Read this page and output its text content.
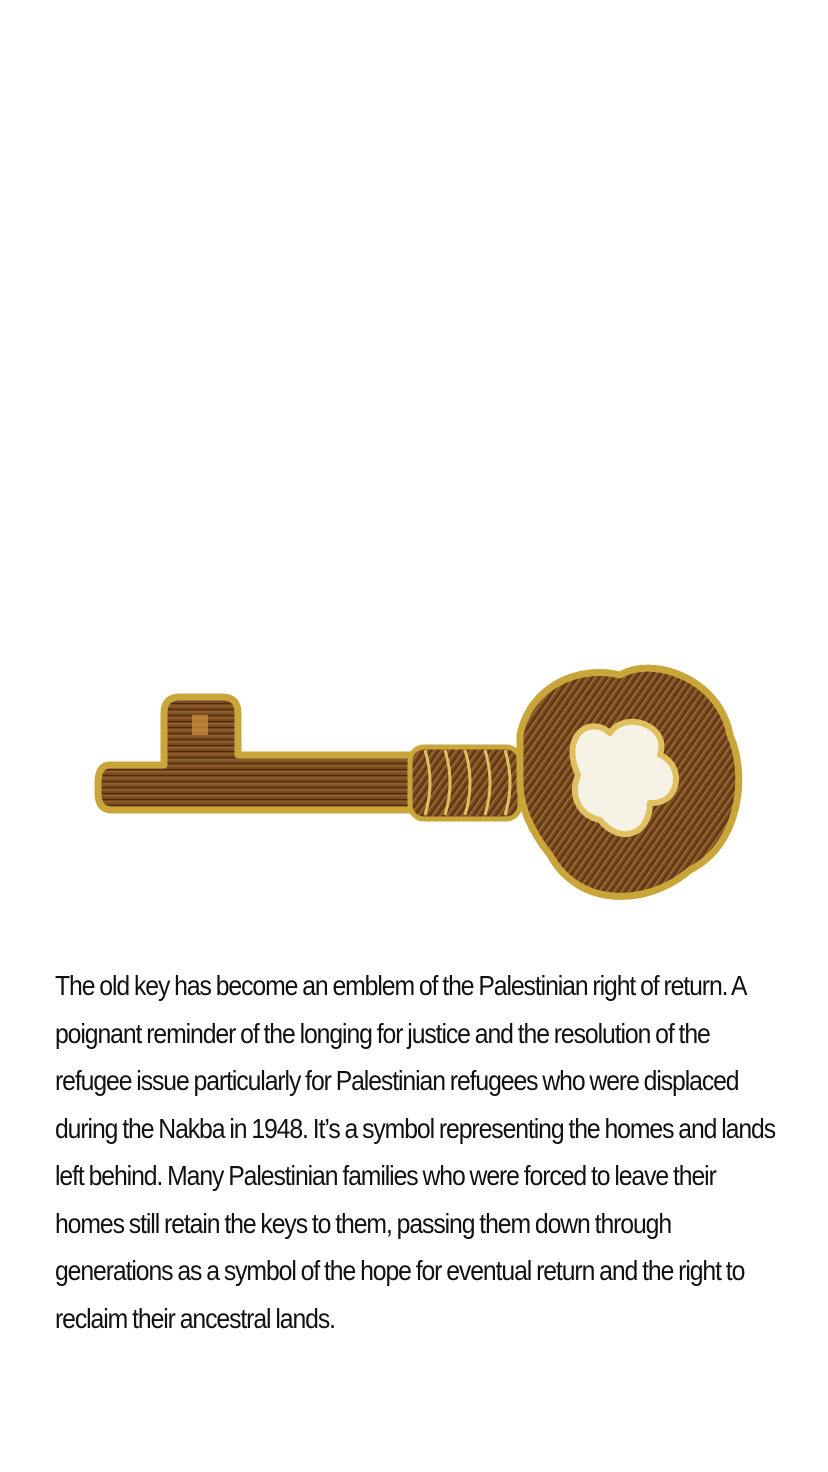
The old key has become an emblem of the Palestinian right of return. A poignant reminder of the longing for justice and the resolution of the refugee issue particularly for Palestinian refugees who were displaced during the Nakba in 1948. It’s a symbol representing the homes and lands left behind. Many Palestinian families who were forced to leave their homes still retain the keys to them, passing them down through generations as a symbol of the hope for eventual return and the right to reclaim their ancestral lands.
